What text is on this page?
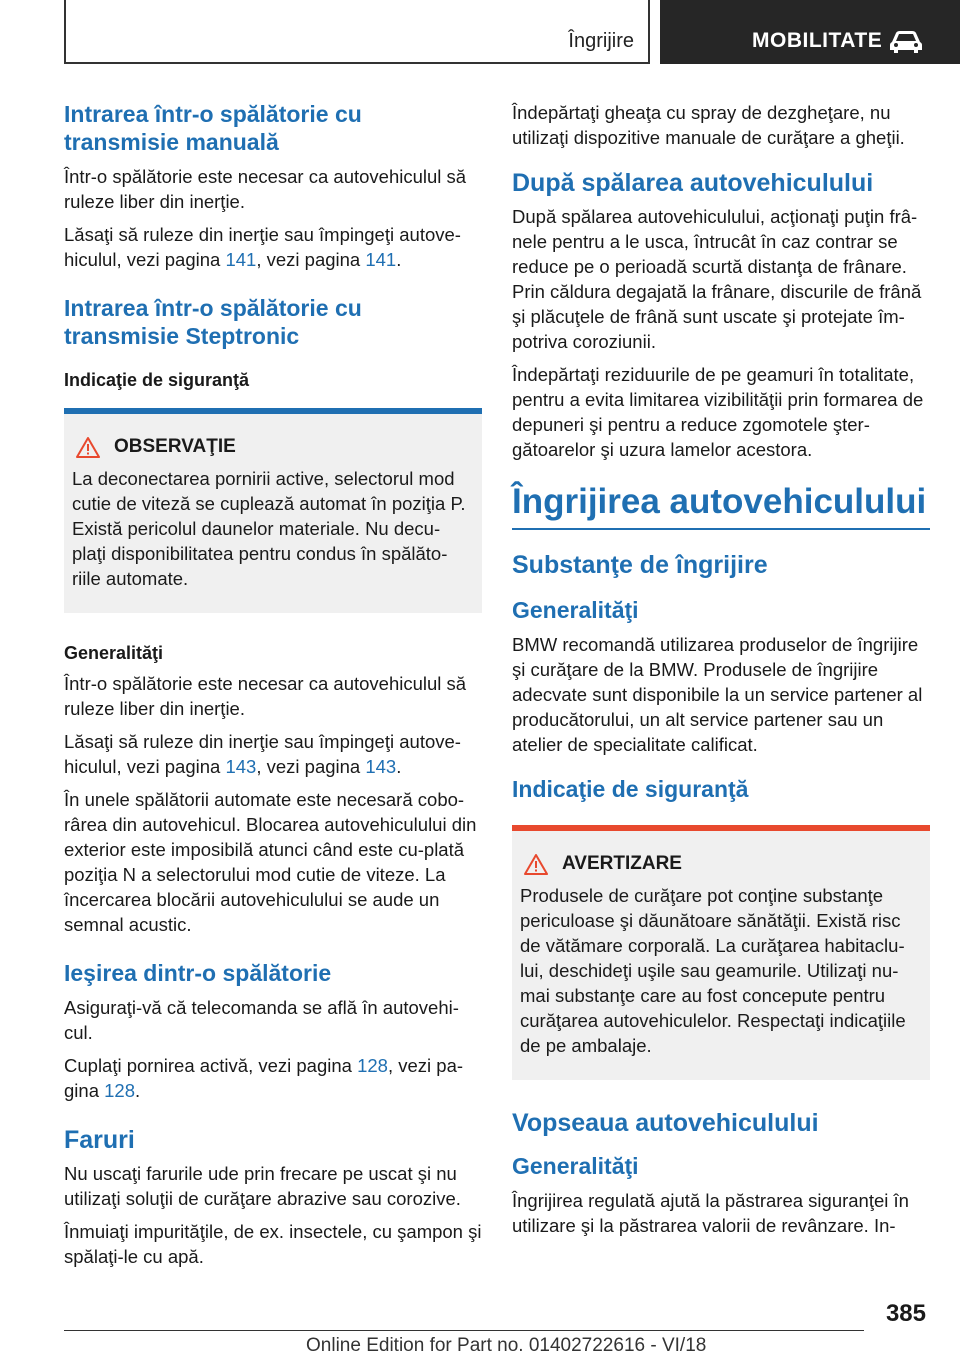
Îngrijire	MOBILITATE
Intrarea într-o spălătorie cu transmisie manuală

Într-o spălătorie este necesar ca autovehiculul să ruleze liber din inerţie.

Lăsaţi să ruleze din inerţie sau împingeţi autove‐hiculul, vezi pagina 141, vezi pagina 141.

Intrarea într-o spălătorie cu transmisie Steptronic
Indicaţie de siguranţă
OBSERVAŢIE

La deconectarea pornirii active, selectorul mod cutie de viteză se cuplează automat în poziţia P. Există pericolul daunelor materiale. Nu decu‐plaţi disponibilitatea pentru condus în spălăto‐riile automate.

Generalităţi

Într-o spălătorie este necesar ca autovehiculul să ruleze liber din inerţie.

Lăsaţi să ruleze din inerţie sau împingeţi autove‐hiculul, vezi pagina 143, vezi pagina 143.

În unele spălătorii automate este necesară cobo‐rârea din autovehicul. Blocarea autovehiculului din exterior este imposibilă atunci când este cu‐plată poziţia N a selectorului mod cutie de viteze. La încercarea blocării autovehiculului se aude un semnal acustic.

Ieşirea dintr-o spălătorie

Asiguraţi-vă că telecomanda se află în autovehi‐cul.

Cuplaţi pornirea activă, vezi pagina 128, vezi pa‐gina 128.

Faruri

Nu uscaţi farurile ude prin frecare pe uscat şi nu utilizaţi soluţii de curăţare abrazive sau corozive.

Înmuiaţi impurităţile, de ex. insectele, cu şampon şi spălaţi-le cu apă.

Îndepărtaţi gheaţa cu spray de dezgheţare, nu utilizaţi dispozitive manuale de curăţare a gheţii.

După spălarea autovehiculului

După spălarea autovehiculului, acţionaţi puţin frâ‐nele pentru a le usca, întrucât în caz contrar se reduce pe o perioadă scurtă distanţa de frânare. Prin căldura degajată la frânare, discurile de frână şi plăcuţele de frână sunt uscate şi protejate îm‐potriva coroziunii.

Îndepărtaţi reziduurile de pe geamuri în totalitate, pentru a evita limitarea vizibilităţii prin formarea de depuneri şi pentru a reduce zgomotele şter‐gătoarelor şi uzura lamelor acestora.

Îngrijirea autovehiculului
Substanţe de îngrijire
Generalităţi

BMW recomandă utilizarea produselor de îngrijire şi curăţare de la BMW. Produsele de îngrijire adecvate sunt disponibile la un service partener al producătorului, un alt service partener sau un atelier de specialitate calificat.

Indicaţie de siguranţă
AVERTIZARE

Produsele de curăţare pot conţine substanţe periculoase şi dăunătoare sănătăţii. Există risc de vătămare corporală. La curăţarea habitaclu‐lui, deschideţi uşile sau geamurile. Utilizaţi nu‐mai substanţe care au fost concepute pentru curăţarea autovehiculelor. Respectaţi indicaţiile de pe ambalaje.

Vopseaua autovehiculului
Generalităţi

Îngrijirea regulată ajută la păstrarea siguranţei în utilizare şi la păstrarea valorii de revânzare. In‐

385
Online Edition for Part no. 01402722616 - VI/18
